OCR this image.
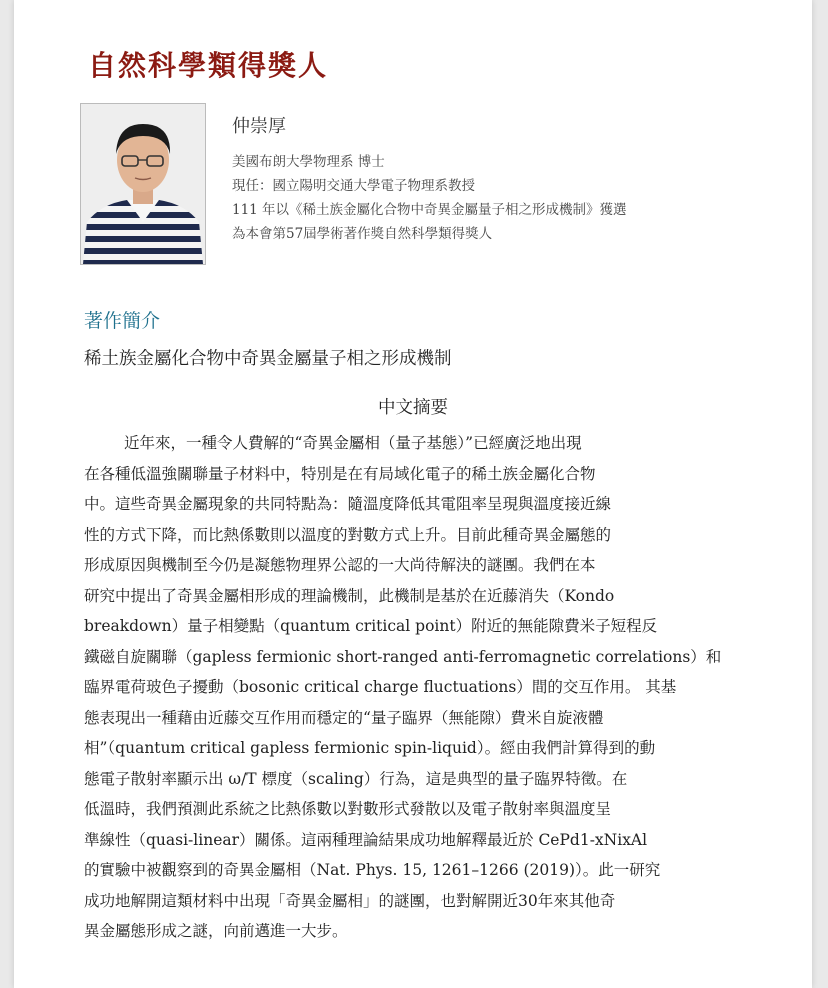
自然科學類得獎人
仲崇厚
美國布朗大學物理系 博士
現任：國立陽明交通大學電子物理系教授
111 年以《稀土族金屬化合物中奇異金屬量子相之形成機制》獲選
為本會第57屆學術著作獎自然科學類得獎人
著作簡介
稀土族金屬化合物中奇異金屬量子相之形成機制
中文摘要
近年來，一種令人費解的“奇異金屬相（量子基態）”已經廣泛地出現
在各種低溫強關聯量子材料中，特別是在有局域化電子的稀土族金屬化合物
中。這些奇異金屬現象的共同特點為：隨溫度降低其電阻率呈現與溫度接近線
性的方式下降，而比熱係數則以溫度的對數方式上升。目前此種奇異金屬態的
形成原因與機制至今仍是凝態物理界公認的一大尚待解決的謎團。我們在本
研究中提出了奇異金屬相形成的理論機制，此機制是基於在近藤消失（Kondo
breakdown）量子相變點（quantum critical point）附近的無能隙費米子短程反
鐵磁自旋關聯（gapless fermionic short-ranged anti-ferromagnetic correlations）和
臨界電荷玻色子擾動（bosonic critical charge fluctuations）間的交互作用。 其基
態表現出一種藉由近藤交互作用而穩定的“量子臨界（無能隙）費米自旋液體
相”（quantum critical gapless fermionic spin-liquid）。經由我們計算得到的動
態電子散射率顯示出 ω/T 標度（scaling）行為，這是典型的量子臨界特徵。在
低溫時，我們預測此系統之比熱係數以對數形式發散以及電子散射率與溫度呈
準線性（quasi-linear）關係。這兩種理論結果成功地解釋最近於 CePd1-xNixAl
的實驗中被觀察到的奇異金屬相（Nat. Phys. 15, 1261–1266 (2019)）。此一研究
成功地解開這類材料中出現「奇異金屬相」的謎團，也對解開近30年來其他奇
異金屬態形成之謎，向前邁進一大步。
